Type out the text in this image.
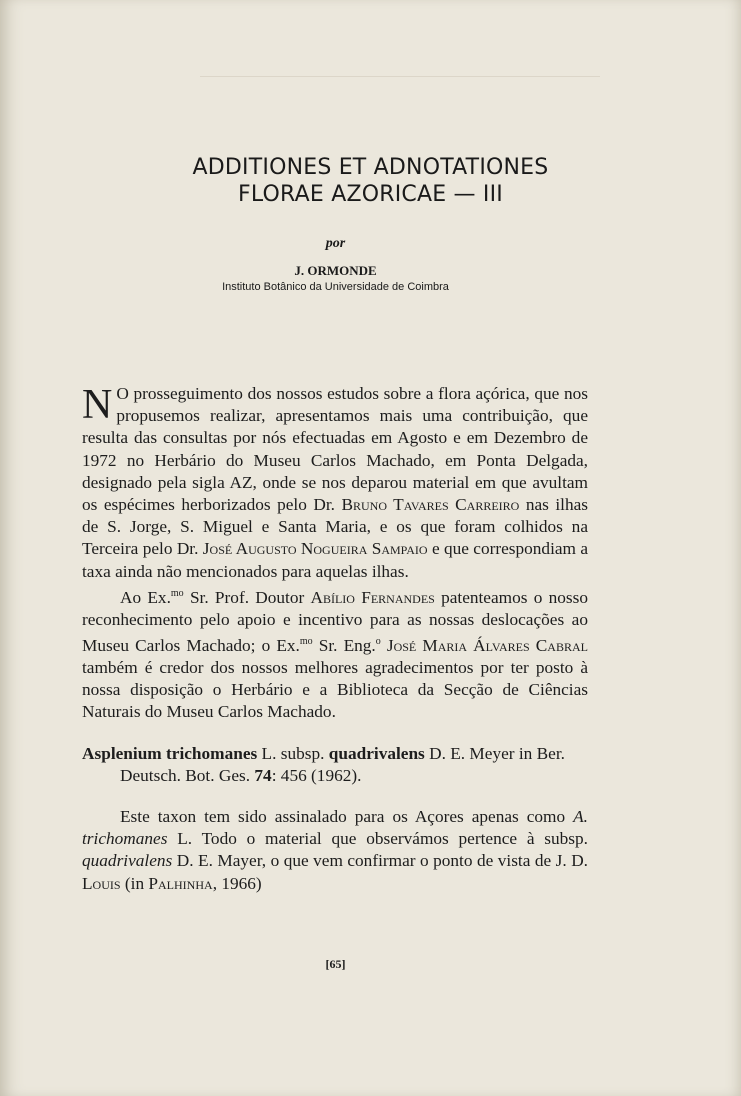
ADDITIONES ET ADNOTATIONES
FLORAE AZORICAE — III
por
J. ORMONDE
Instituto Botânico da Universidade de Coimbra

N O prosseguimento dos nossos estudos sobre a flora açórica, que nos propusemos realizar, apresentamos mais uma contribuição, que resulta das consultas por nós efectuadas em Agosto e em Dezembro de 1972 no Herbário do Museu Carlos Machado, em Ponta Delgada, designado pela sigla AZ, onde se nos deparou material em que avultam os espécimes herborizados pelo Dr. Bruno Tavares Carreiro nas ilhas de S. Jorge, S. Miguel e Santa Maria, e os que foram colhidos na Terceira pelo Dr. José Augusto Nogueira Sampaio e que correspondiam a taxa ainda não mencionados para aquelas ilhas.

Ao Ex.$^{mo}$ Sr. Prof. Doutor Abílio Fernandes patenteamos o nosso reconhecimento pelo apoio e incentivo para as nossas deslocações ao Museu Carlos Machado; o Ex.$^{mo}$ Sr. Eng.$^o$ José Maria Álvares Cabral também é credor dos nossos melhores agradecimentos por ter posto à nossa disposição o Herbário e a Biblioteca da Secção de Ciências Naturais do Museu Carlos Machado.

Asplenium trichomanes L. subsp. quadrivalens D. E. Meyer in Ber. Deutsch. Bot. Ges. 74: 456 (1962).

Este taxon tem sido assinalado para os Açores apenas como A. trichomanes L. Todo o material que observámos pertence à subsp. quadrivalens D. E. Mayer, o que vem confirmar o ponto de vista de J. D. Louis (in Palhinha, 1966)

[65]
